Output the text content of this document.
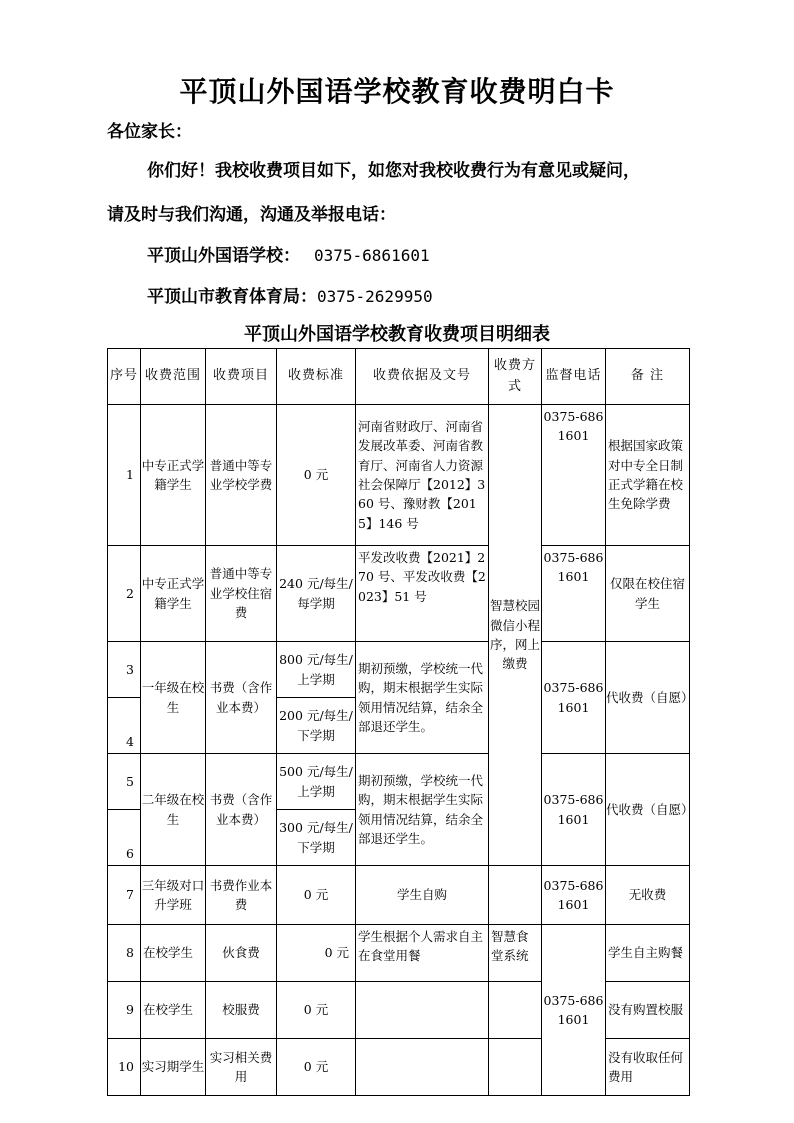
平顶山外国语学校教育收费明白卡
各位家长：
你们好！我校收费项目如下，如您对我校收费行为有意见或疑问，
请及时与我们沟通，沟通及举报电话：
平顶山外国语学校： 0375-6861601
平顶山市教育体育局：0375-2629950
平顶山外国语学校教育收费项目明细表
序号	收费范围	收费项目	收费标准	收费依据及文号	收费方式	监督电话	备 注
1	中专正式学籍学生	普通中等专业学校学费	0 元	河南省财政厅、河南省发展改革委、河南省教育厅、河南省人力资源社会保障厅【2012】360 号、豫财教【2015】146 号	智慧校园微信小程序，网上缴费	0375-6861601	根据国家政策对中专全日制正式学籍在校生免除学费
2	中专正式学籍学生	普通中等专业学校住宿费	240 元/每生/每学期	平发改收费【2021】270 号、平发改收费【2023】51 号		0375-6861601	仅限在校住宿学生
3	一年级在校生	书费（含作业本费）	800 元/每生/上学期	期初预缴，学校统一代购，期末根据学生实际领用情况结算，结余全部退还学生。		0375-6861601	代收费（自愿）
4			200 元/每生/下学期				
5	二年级在校生	书费（含作业本费）	500 元/每生/上学期	期初预缴，学校统一代购，期末根据学生实际领用情况结算，结余全部退还学生。		0375-6861601	代收费（自愿）
6			300 元/每生/下学期				
7	三年级对口升学班	书费作业本费	0 元	学生自购		0375-6861601	无收费
8	在校学生	伙食费	0 元	学生根据个人需求自主在食堂用餐	智慧食堂系统	0375-6861601	学生自主购餐
9	在校学生	校服费	0 元				没有购置校服
10	实习期学生	实习相关费用	0 元				没有收取任何费用
